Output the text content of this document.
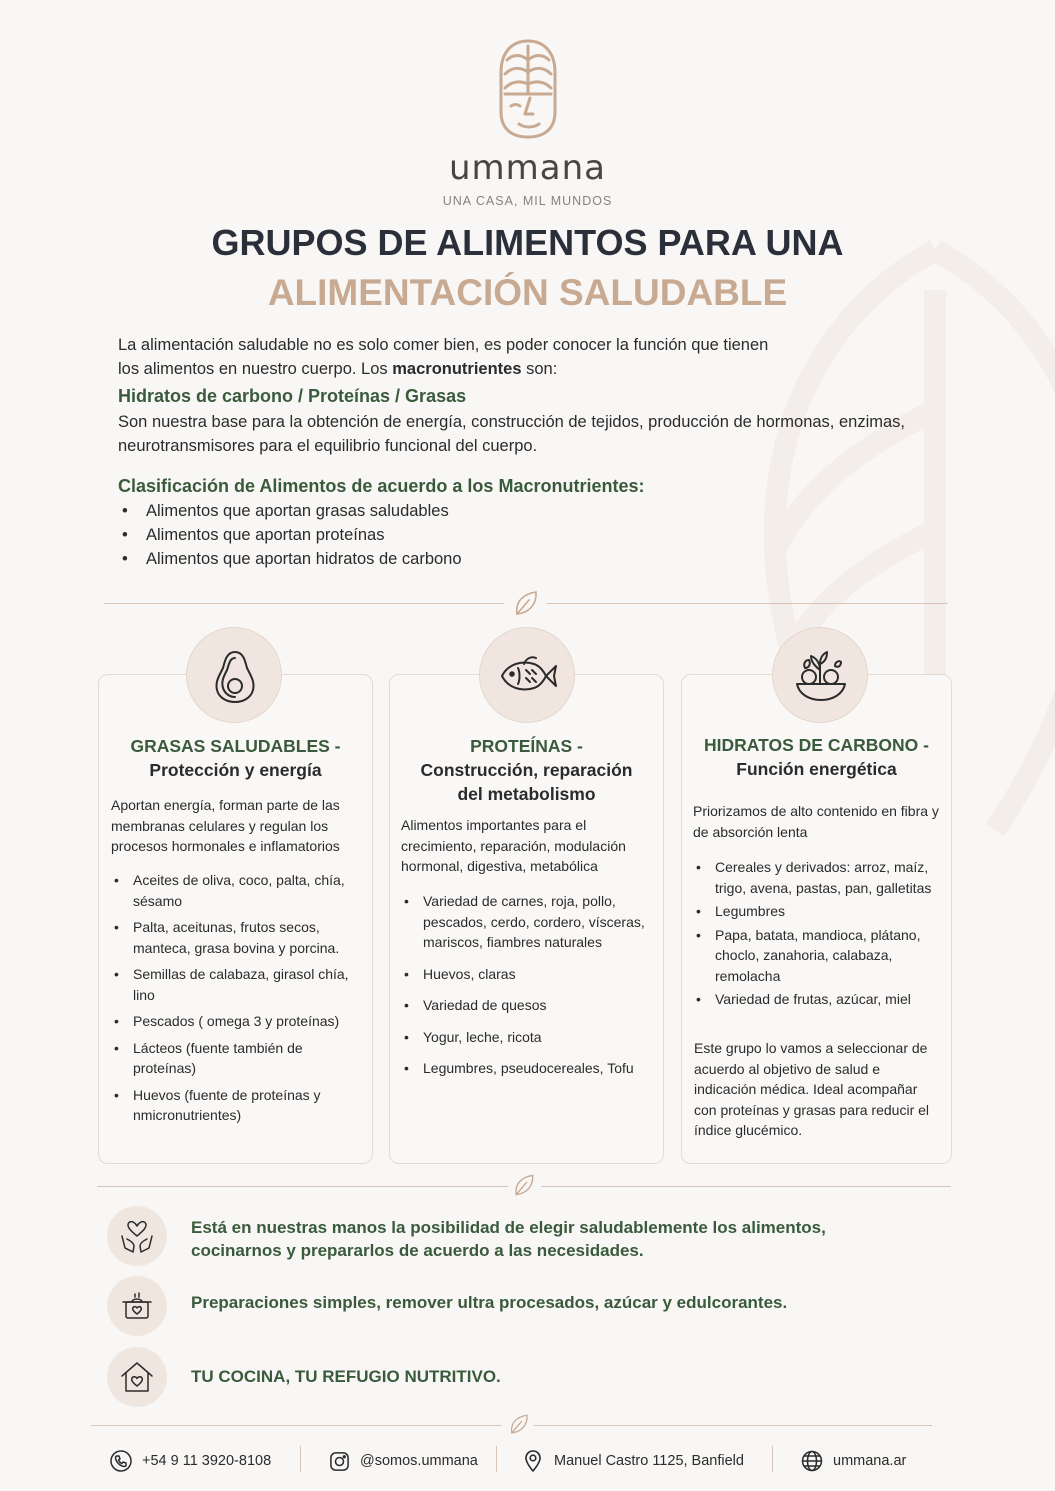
ummana
UNA CASA, MIL MUNDOS
GRUPOS DE ALIMENTOS PARA UNA
ALIMENTACIÓN SALUDABLE
La alimentación saludable no es solo comer bien, es poder conocer la función que tienen
los alimentos en nuestro cuerpo. Los macronutrientes son:
Hidratos de carbono / Proteínas / Grasas
Son nuestra base para la obtención de energía, construcción de tejidos, producción de hormonas, enzimas, neurotransmisores para el equilibrio funcional del cuerpo.
Clasificación de Alimentos de acuerdo a los Macronutrientes:
• Alimentos que aportan grasas saludables
• Alimentos que aportan proteínas
• Alimentos que aportan hidratos de carbono
GRASAS SALUDABLES -
Protección y energía
Aportan energía, forman parte de las membranas celulares y regulan los procesos hormonales e inflamatorios
• Aceites de oliva, coco, palta, chía, sésamo
• Palta, aceitunas, frutos secos, manteca, grasa bovina y porcina.
• Semillas de calabaza, girasol chía, lino
• Pescados ( omega 3 y proteínas)
• Lácteos (fuente también de proteínas)
• Huevos (fuente de proteínas y nmicronutrientes)
PROTEÍNAS -
Construcción, reparación del metabolismo
Alimentos importantes para el crecimiento, reparación, modulación hormonal, digestiva, metabólica
• Variedad de carnes, roja, pollo, pescados, cerdo, cordero, vísceras, mariscos, fiambres naturales
• Huevos, claras
• Variedad de quesos
• Yogur, leche, ricota
• Legumbres, pseudocereales, Tofu
HIDRATOS DE CARBONO -
Función energética
Priorizamos de alto contenido en fibra y de absorción lenta
• Cereales y derivados: arroz, maíz, trigo, avena, pastas, pan, galletitas
• Legumbres
• Papa, batata, mandioca, plátano, choclo, zanahoria, calabaza, remolacha
• Variedad de frutas, azúcar, miel
Este grupo lo vamos a seleccionar de acuerdo al objetivo de salud e indicación médica. Ideal acompañar con proteínas y grasas para reducir el índice glucémico.
Está en nuestras manos la posibilidad de elegir saludablemente los alimentos, cocinarnos y prepararlos de acuerdo a las necesidades.
Preparaciones simples, remover ultra procesados, azúcar y edulcorantes.
TU COCINA, TU REFUGIO NUTRITIVO.
+54 9 11 3920-8108	@somos.ummana	Manuel Castro 1125, Banfield	ummana.ar
